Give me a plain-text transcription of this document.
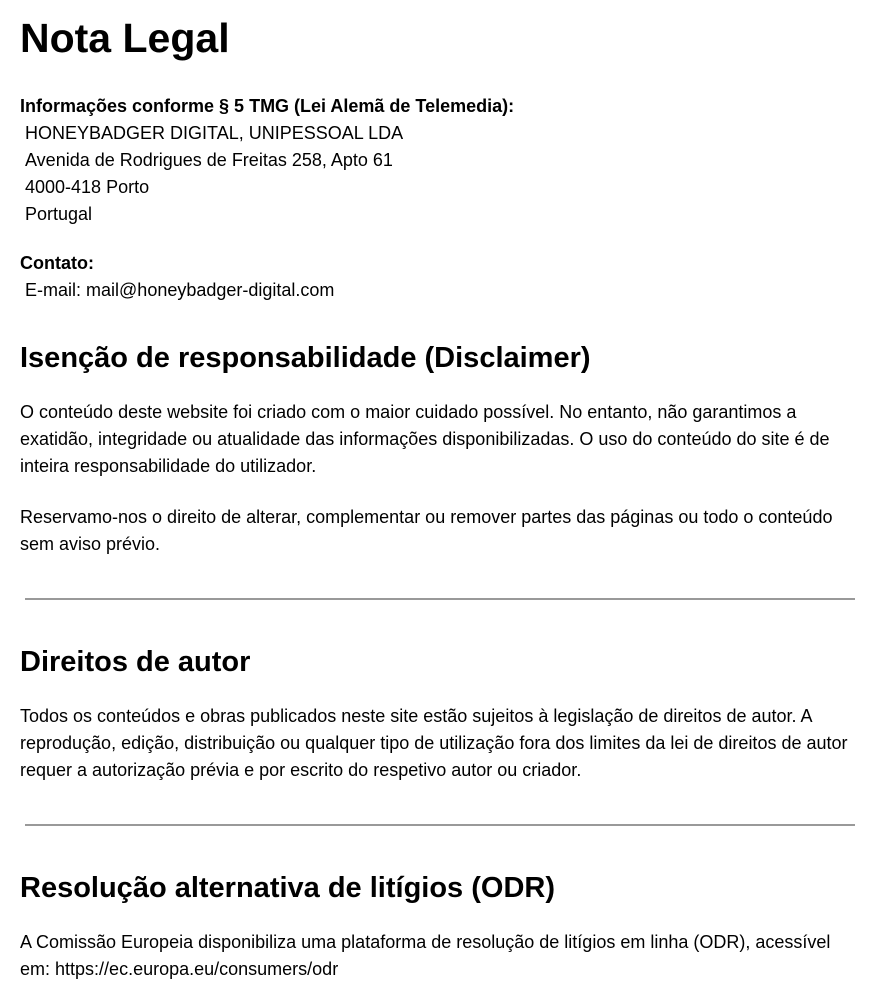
Nota Legal
Informações conforme § 5 TMG (Lei Alemã de Telemedia):
HONEYBADGER DIGITAL, UNIPESSOAL LDA
Avenida de Rodrigues de Freitas 258, Apto 61
4000-418 Porto
Portugal
Contato:
E-mail: mail@honeybadger-digital.com
Isenção de responsabilidade (Disclaimer)

O conteúdo deste website foi criado com o maior cuidado possível. No entanto, não garantimos a exatidão, integridade ou atualidade das informações disponibilizadas. O uso do conteúdo do site é de inteira responsabilidade do utilizador.

Reservamo-nos o direito de alterar, complementar ou remover partes das páginas ou todo o conteúdo sem aviso prévio.

Direitos de autor

Todos os conteúdos e obras publicados neste site estão sujeitos à legislação de direitos de autor. A reprodução, edição, distribuição ou qualquer tipo de utilização fora dos limites da lei de direitos de autor requer a autorização prévia e por escrito do respetivo autor ou criador.

Resolução alternativa de litígios (ODR)

A Comissão Europeia disponibiliza uma plataforma de resolução de litígios em linha (ODR), acessível em: https://ec.europa.eu/consumers/odr
